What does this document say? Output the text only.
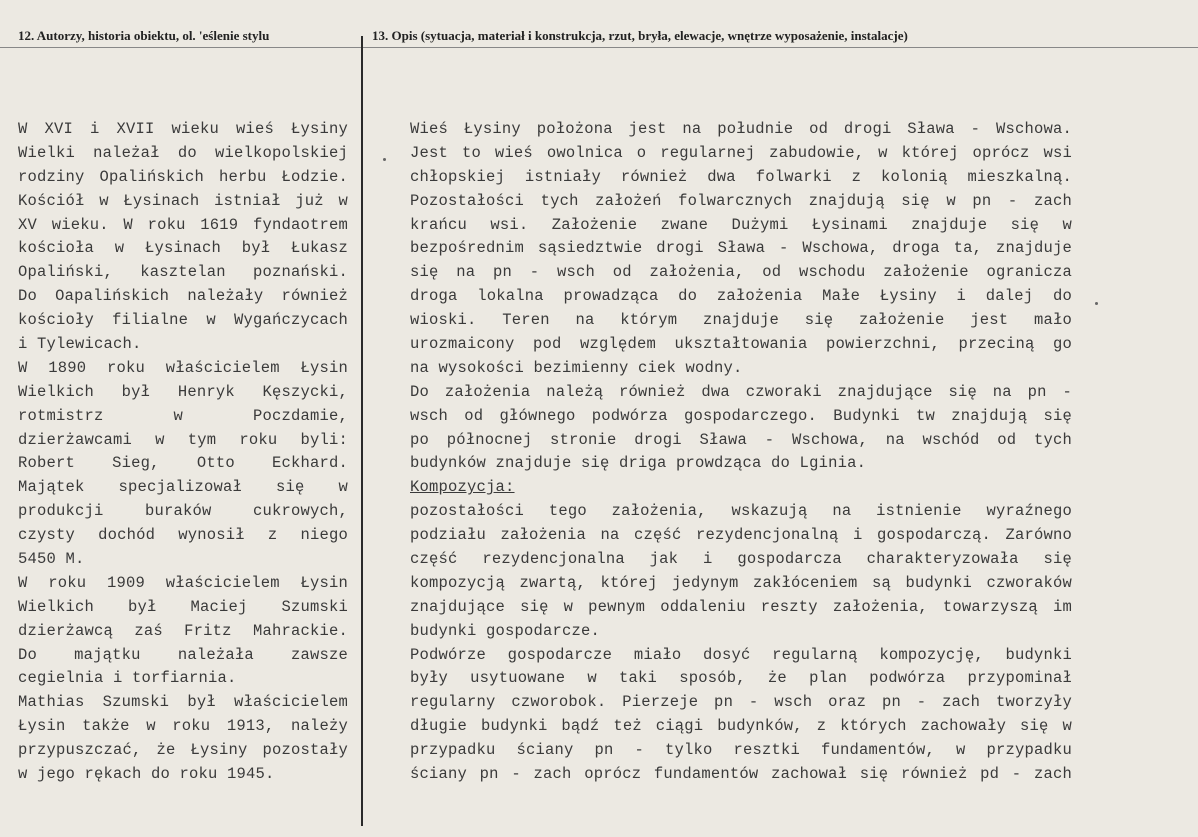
12. Autorzy, historia obiektu, ol. 'eślenie stylu	13. Opis (sytuacja, materiał i konstrukcja, rzut, bryła, elewacje, wnętrze wyposażenie, instalacje)
W XVI i XVII wieku wieś Łysiny
Wielki należał do wielkopolskiej
rodziny Opalińskich herbu Łodzie.
Kościół w Łysinach istniał już w
XV wieku. W roku 1619 fyndaotrem
kościoła w Łysinach był Łukasz
Opaliński, kasztelan poznański.
Do Oapalińskich należały również
kościoły filialne w Wygańczycach
i Tylewicach.
W 1890 roku właścicielem Łysin
Wielkich był Henryk Kęszycki,
rotmistrz w Poczdamie,
dzierżawcami w tym roku byli:
Robert Sieg, Otto Eckhard.
Majątek specjalizował się w
produkcji buraków cukrowych,
czysty dochód wynosił z niego
5450 M.
W roku 1909 właścicielem Łysin
Wielkich był Maciej Szumski
dzierżawcą zaś Fritz Mahrackie.
Do majątku należała zawsze
cegielnia i torfiarnia.
Mathias Szumski był właścicielem
Łysin także w roku 1913, należy
przypuszczać, że Łysiny pozostały
w jego rękach do roku 1945.
Wieś Łysiny położona jest na południe od drogi Sława - Wschowa.
Jest to wieś owolnica o regularnej zabudowie, w której oprócz wsi
chłopskiej istniały również dwa folwarki z kolonią mieszkalną.
Pozostałości tych założeń folwarcznych znajdują się w pn - zach
krańcu wsi. Założenie zwane Dużymi Łysinami znajduje się w
bezpośrednim sąsiedztwie drogi Sława - Wschowa, droga ta, znajduje
się na pn - wsch od założenia, od wschodu założenie ogranicza
droga lokalna prowadząca do założenia Małe Łysiny i dalej do
wioski. Teren na którym znajduje się założenie jest mało
urozmaicony pod względem ukształtowania powierzchni, przeciną go
na wysokości bezimienny ciek wodny.
Do założenia należą również dwa czworaki znajdujące się na pn -
wsch od głównego podwórza gospodarczego. Budynki tw znajdują się
po północnej stronie drogi Sława - Wschowa, na wschód od tych
budynków znajduje się driga prowdząca do Lginia.
Kompozycja:
pozostałości tego założenia, wskazują na istnienie wyraźnego
podziału założenia na część rezydencjonalną i gospodarczą. Zarówno
część rezydencjonalna jak i gospodarcza charakteryzowała się
kompozycją zwartą, której jedynym zakłóceniem są budynki czworaków
znajdujące się w pewnym oddaleniu reszty założenia, towarzyszą im
budynki gospodarcze.
Podwórze gospodarcze miało dosyć regularną kompozycję, budynki
były usytuowane w taki sposób, że plan podwórza przypominał
regularny czworobok. Pierzeje pn - wsch oraz pn - zach tworzyły
długie budynki bądź też ciągi budynków, z których zachowały się w
przypadku ściany pn - tylko resztki fundamentów, w przypadku
ściany pn - zach oprócz fundamentów zachował się również pd - zach
